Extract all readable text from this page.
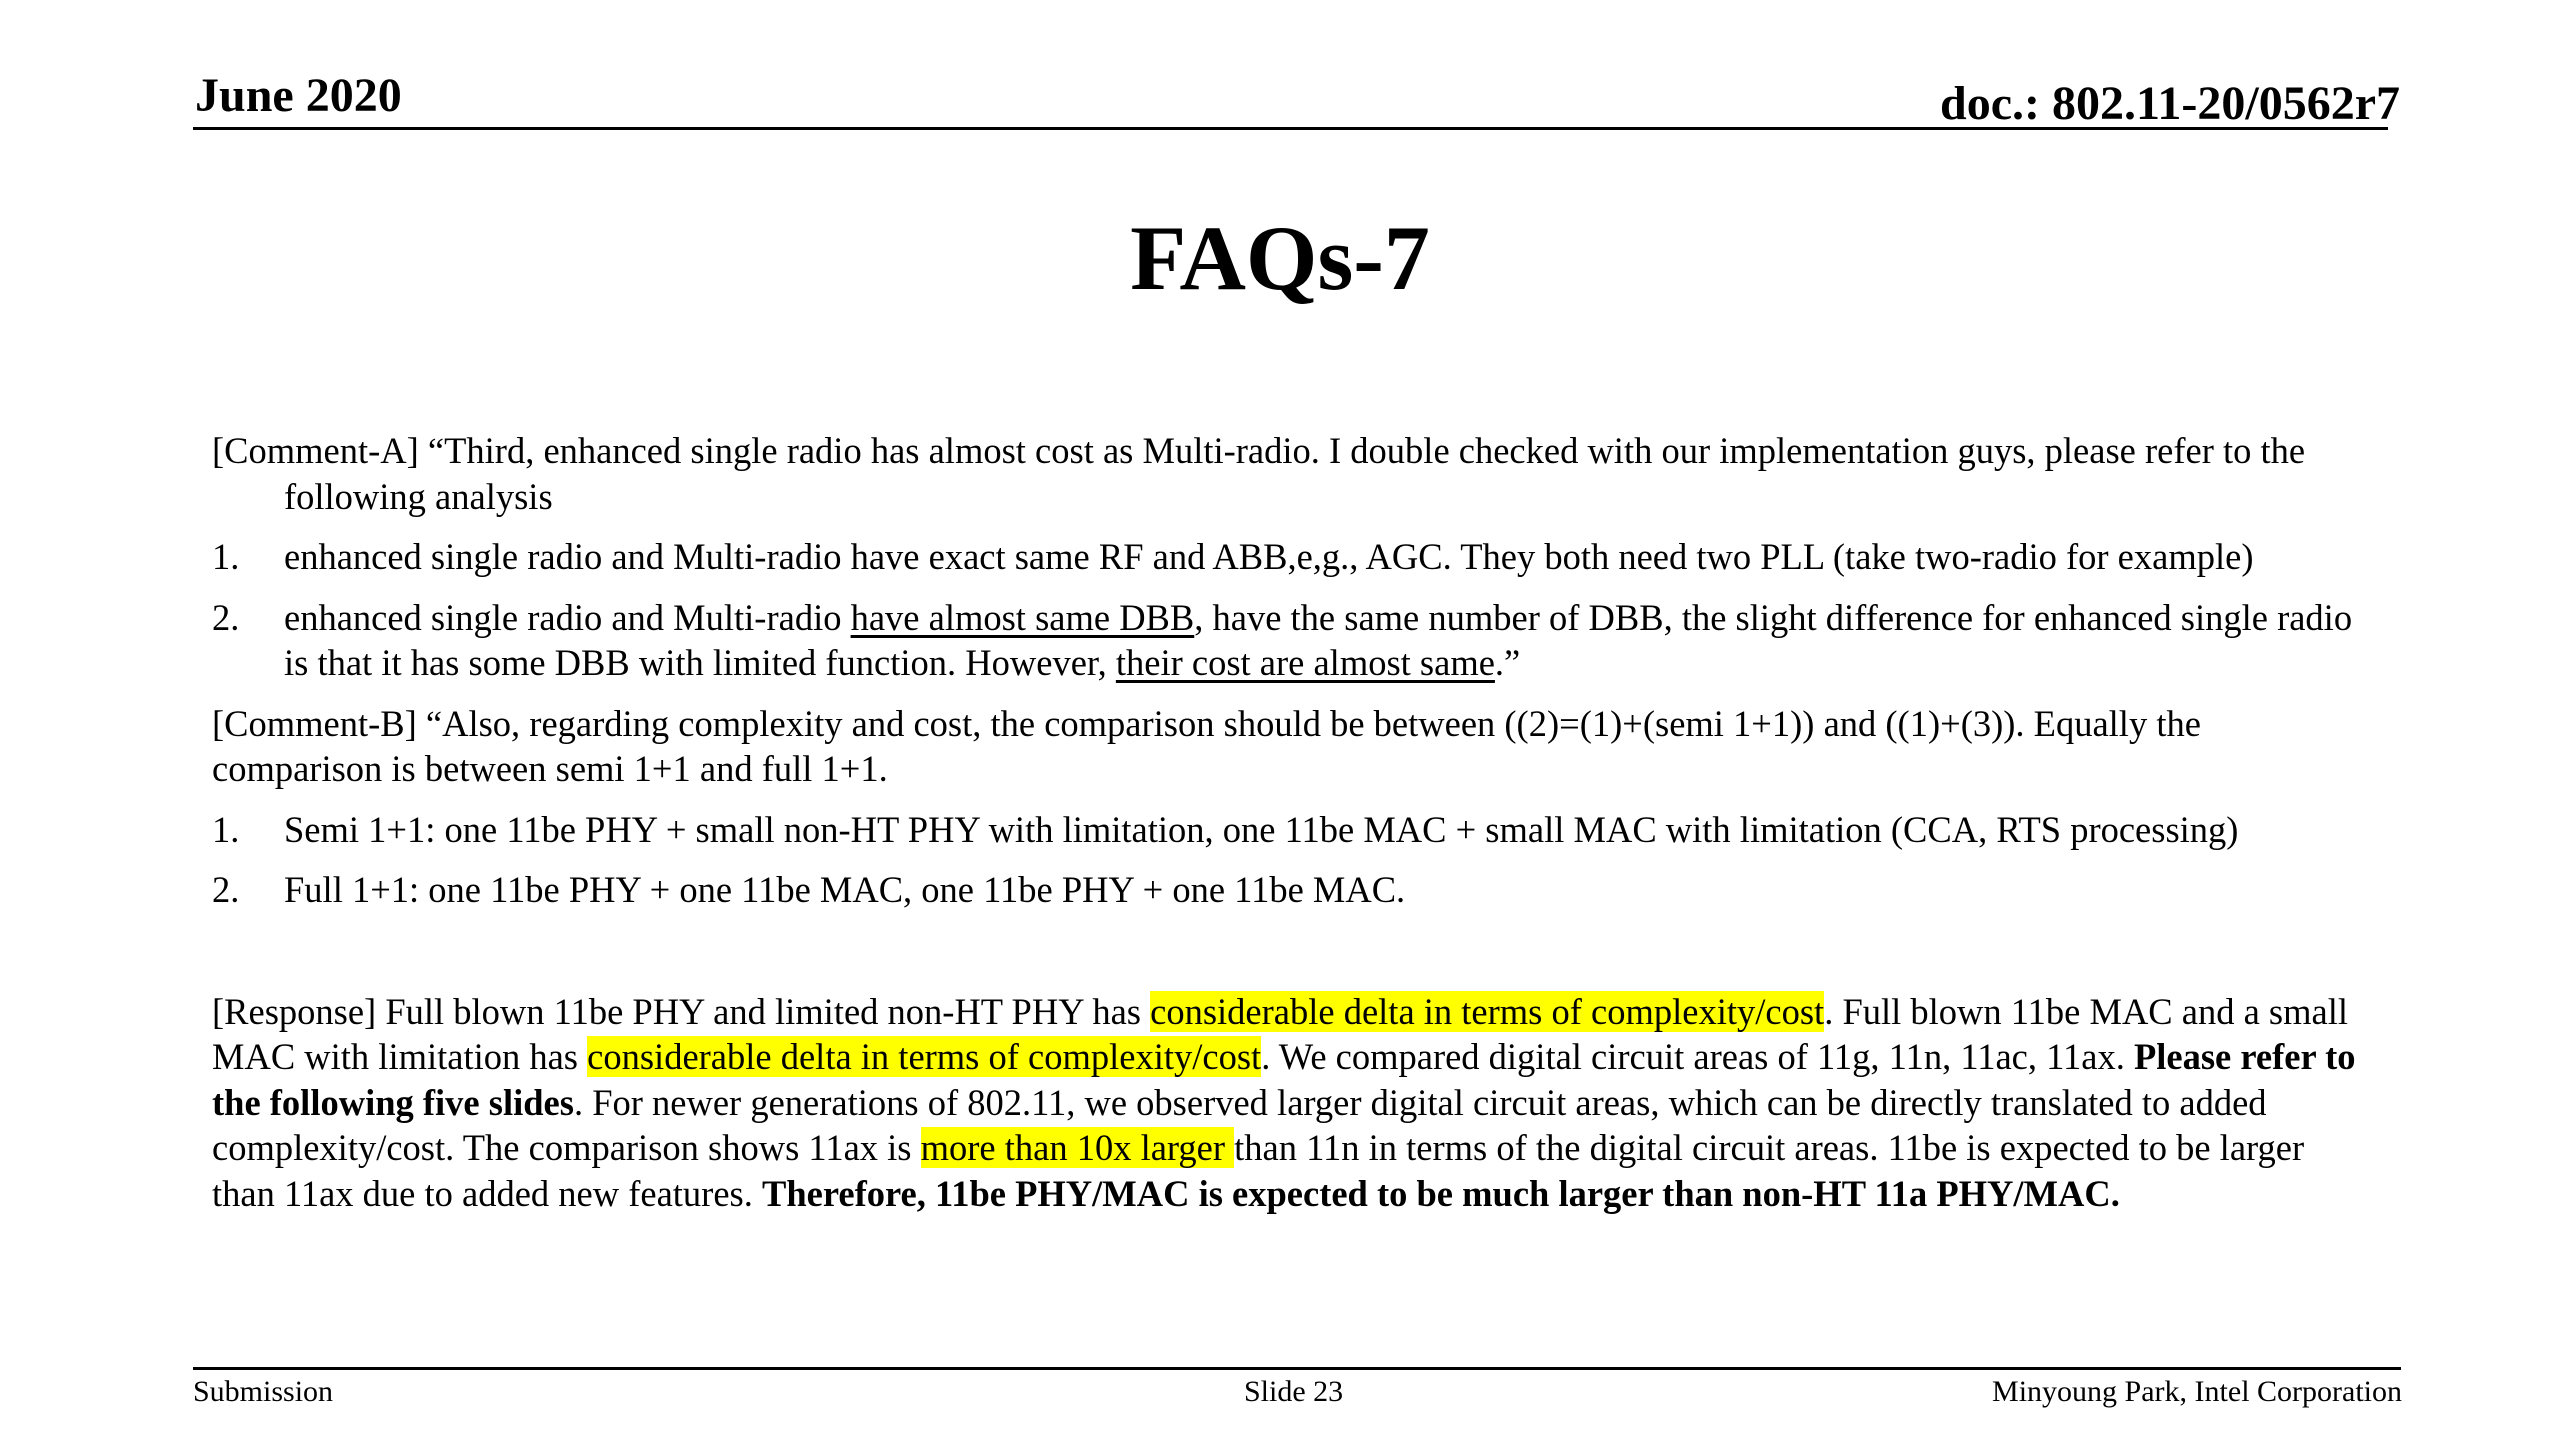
June 2020	doc.: 802.11-20/0562r7
FAQs-7

[Comment-A] “Third, enhanced single radio has almost cost as Multi-radio. I double checked with our implementation guys, please refer to the following analysis

1. enhanced single radio and Multi-radio have exact same RF and ABB,e,g., AGC. They both need two PLL (take two-radio for example)
2. enhanced single radio and Multi-radio have almost same DBB, have the same number of DBB, the slight difference for enhanced single radio is that it has some DBB with limited function. However, their cost are almost same.”

[Comment-B] “Also, regarding complexity and cost, the comparison should be between ((2)=(1)+(semi 1+1)) and ((1)+(3)). Equally the comparison is between semi 1+1 and full 1+1.

1. Semi 1+1: one 11be PHY + small non-HT PHY with limitation, one 11be MAC + small MAC with limitation (CCA, RTS processing)
2. Full 1+1: one 11be PHY + one 11be MAC, one 11be PHY + one 11be MAC.

[Response] Full blown 11be PHY and limited non-HT PHY has considerable delta in terms of complexity/cost. Full blown 11be MAC and a small MAC with limitation has considerable delta in terms of complexity/cost. We compared digital circuit areas of 11g, 11n, 11ac, 11ax. Please refer to the following five slides. For newer generations of 802.11, we observed larger digital circuit areas, which can be directly translated to added complexity/cost. The comparison shows 11ax is more than 10x larger than 11n in terms of the digital circuit areas. 11be is expected to be larger than 11ax due to added new features. Therefore, 11be PHY/MAC is expected to be much larger than non-HT 11a PHY/MAC.

Submission	Slide 23	Minyoung Park, Intel Corporation
